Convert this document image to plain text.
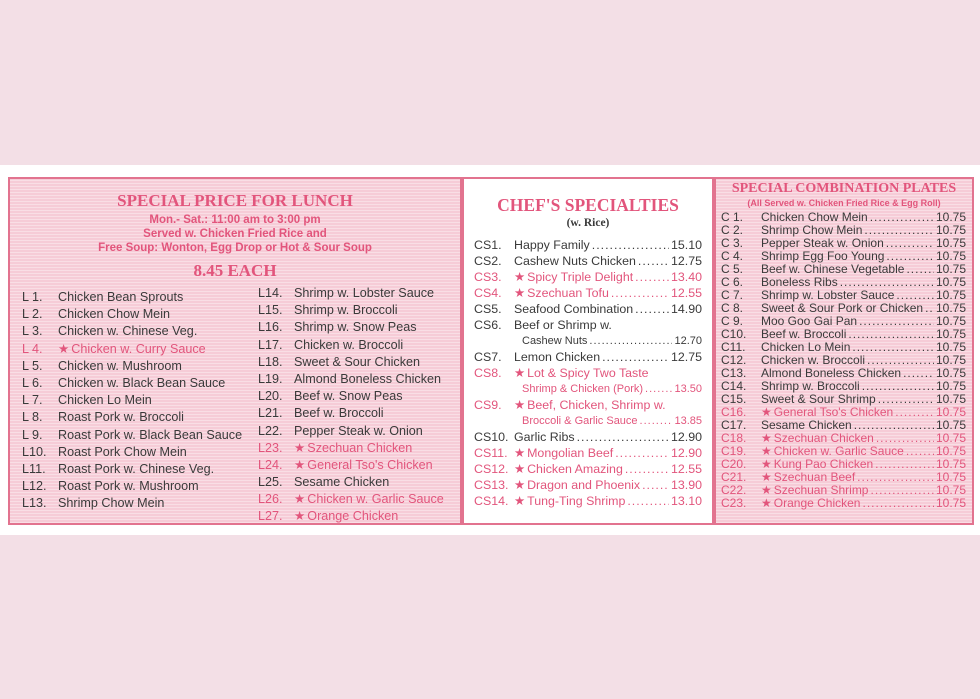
SPECIAL PRICE FOR LUNCH
Mon.- Sat.: 11:00 am to 3:00 pm
Served w. Chicken Fried Rice and
Free Soup: Wonton, Egg Drop or Hot & Sour Soup
8.45 EACH
L 1.	Chicken Bean Sprouts
L 2.	Chicken Chow Mein
L 3.	Chicken w. Chinese Veg.
L 4.	★ Chicken w. Curry Sauce
L 5.	Chicken w. Mushroom
L 6.	Chicken w. Black Bean Sauce
L 7.	Chicken Lo Mein
L 8.	Roast Pork w. Broccoli
L 9.	Roast Pork w. Black Bean Sauce
L10. Roast Pork Chow Mein
L11. Roast Pork w. Chinese Veg.
L12. Roast Pork w. Mushroom
L13. Shrimp Chow Mein
L14. Shrimp w. Lobster Sauce
L15. Shrimp w. Broccoli
L16. Shrimp w. Snow Peas
L17. Chicken w. Broccoli
L18. Sweet & Sour Chicken
L19. Almond Boneless Chicken
L20. Beef w. Snow Peas
L21. Beef w. Broccoli
L22. Pepper Steak w. Onion
L23. ★ Szechuan Chicken
L24. ★ General Tso's Chicken
L25. Sesame Chicken
L26. ★ Chicken w. Garlic Sauce
L27. ★ Orange Chicken
CHEF'S SPECIALTIES
(w. Rice)
CS1.	Happy Family .....	15.10
CS2.	Cashew Nuts Chicken .....	12.75
CS3.	★ Spicy Triple Delight .....	13.40
CS4.	★ Szechuan Tofu .....	12.55
CS5.	Seafood Combination .....	14.90
CS6.	Beef or Shrimp w.
Cashew Nuts .....	12.70
CS7.	Lemon Chicken .....	12.75
CS8.	★ Lot & Spicy Two Taste
Shrimp & Chicken (Pork) .....	13.50
CS9.	★ Beef, Chicken, Shrimp w.
Broccoli & Garlic Sauce .....	13.85
CS10. Garlic Ribs .....	12.90
CS11. ★ Mongolian Beef .....	12.90
CS12. ★ Chicken Amazing .....	12.55
CS13. ★ Dragon and Phoenix ..... 13.90
CS14. ★ Tung-Ting Shrimp .....	13.10
SPECIAL COMBINATION PLATES
(All Served w. Chicken Fried Rice & Egg Roll)
C 1.	Chicken Chow Mein .....	10.75
C 2.	Shrimp Chow Mein .....	10.75
C 3.	Pepper Steak w. Onion .....	10.75
C 4.	Shrimp Egg Foo Young .....	10.75
C 5.	Beef w. Chinese Vegetable .....	10.75
C 6.	Boneless Ribs .....	10.75
C 7.	Shrimp w. Lobster Sauce .....	10.75
C 8.	Sweet & Sour Pork or Chicken ..... 10.75
C 9.	Moo Goo Gai Pan .....	10.75
C10.	Beef w. Broccoli .....	10.75
C11.	Chicken Lo Mein .....	10.75
C12.	Chicken w. Broccoli .....	10.75
C13.	Almond Boneless Chicken .....	10.75
C14.	Shrimp w. Broccoli .....	10.75
C15.	Sweet & Sour Shrimp .....	10.75
C16.	★ General Tso's Chicken .....	10.75
C17.	Sesame Chicken .....	10.75
C18.	★ Szechuan Chicken .....	10.75
C19.	★ Chicken w. Garlic Sauce .....	10.75
C20.	★ Kung Pao Chicken .....	10.75
C21.	★ Szechuan Beef .....	10.75
C22.	★ Szechuan Shrimp .....	10.75
C23.	★ Orange Chicken .....	10.75
